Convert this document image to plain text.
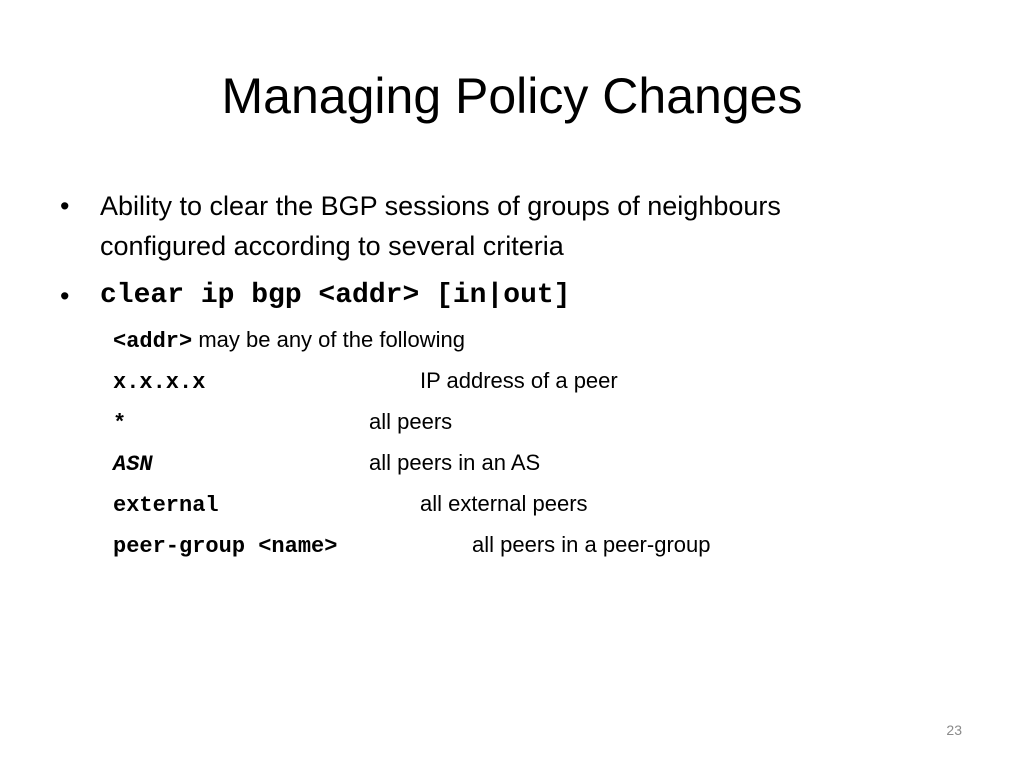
Managing Policy Changes
• Ability to clear the BGP sessions of groups of neighbours
configured according to several criteria
• clear ip bgp <addr> [in|out]
<addr> may be any of the following
x.x.x.x	IP address of a peer
*	all peers
ASN	all peers in an AS
external	all external peers
peer-group <name>	all peers in a peer-group
23
